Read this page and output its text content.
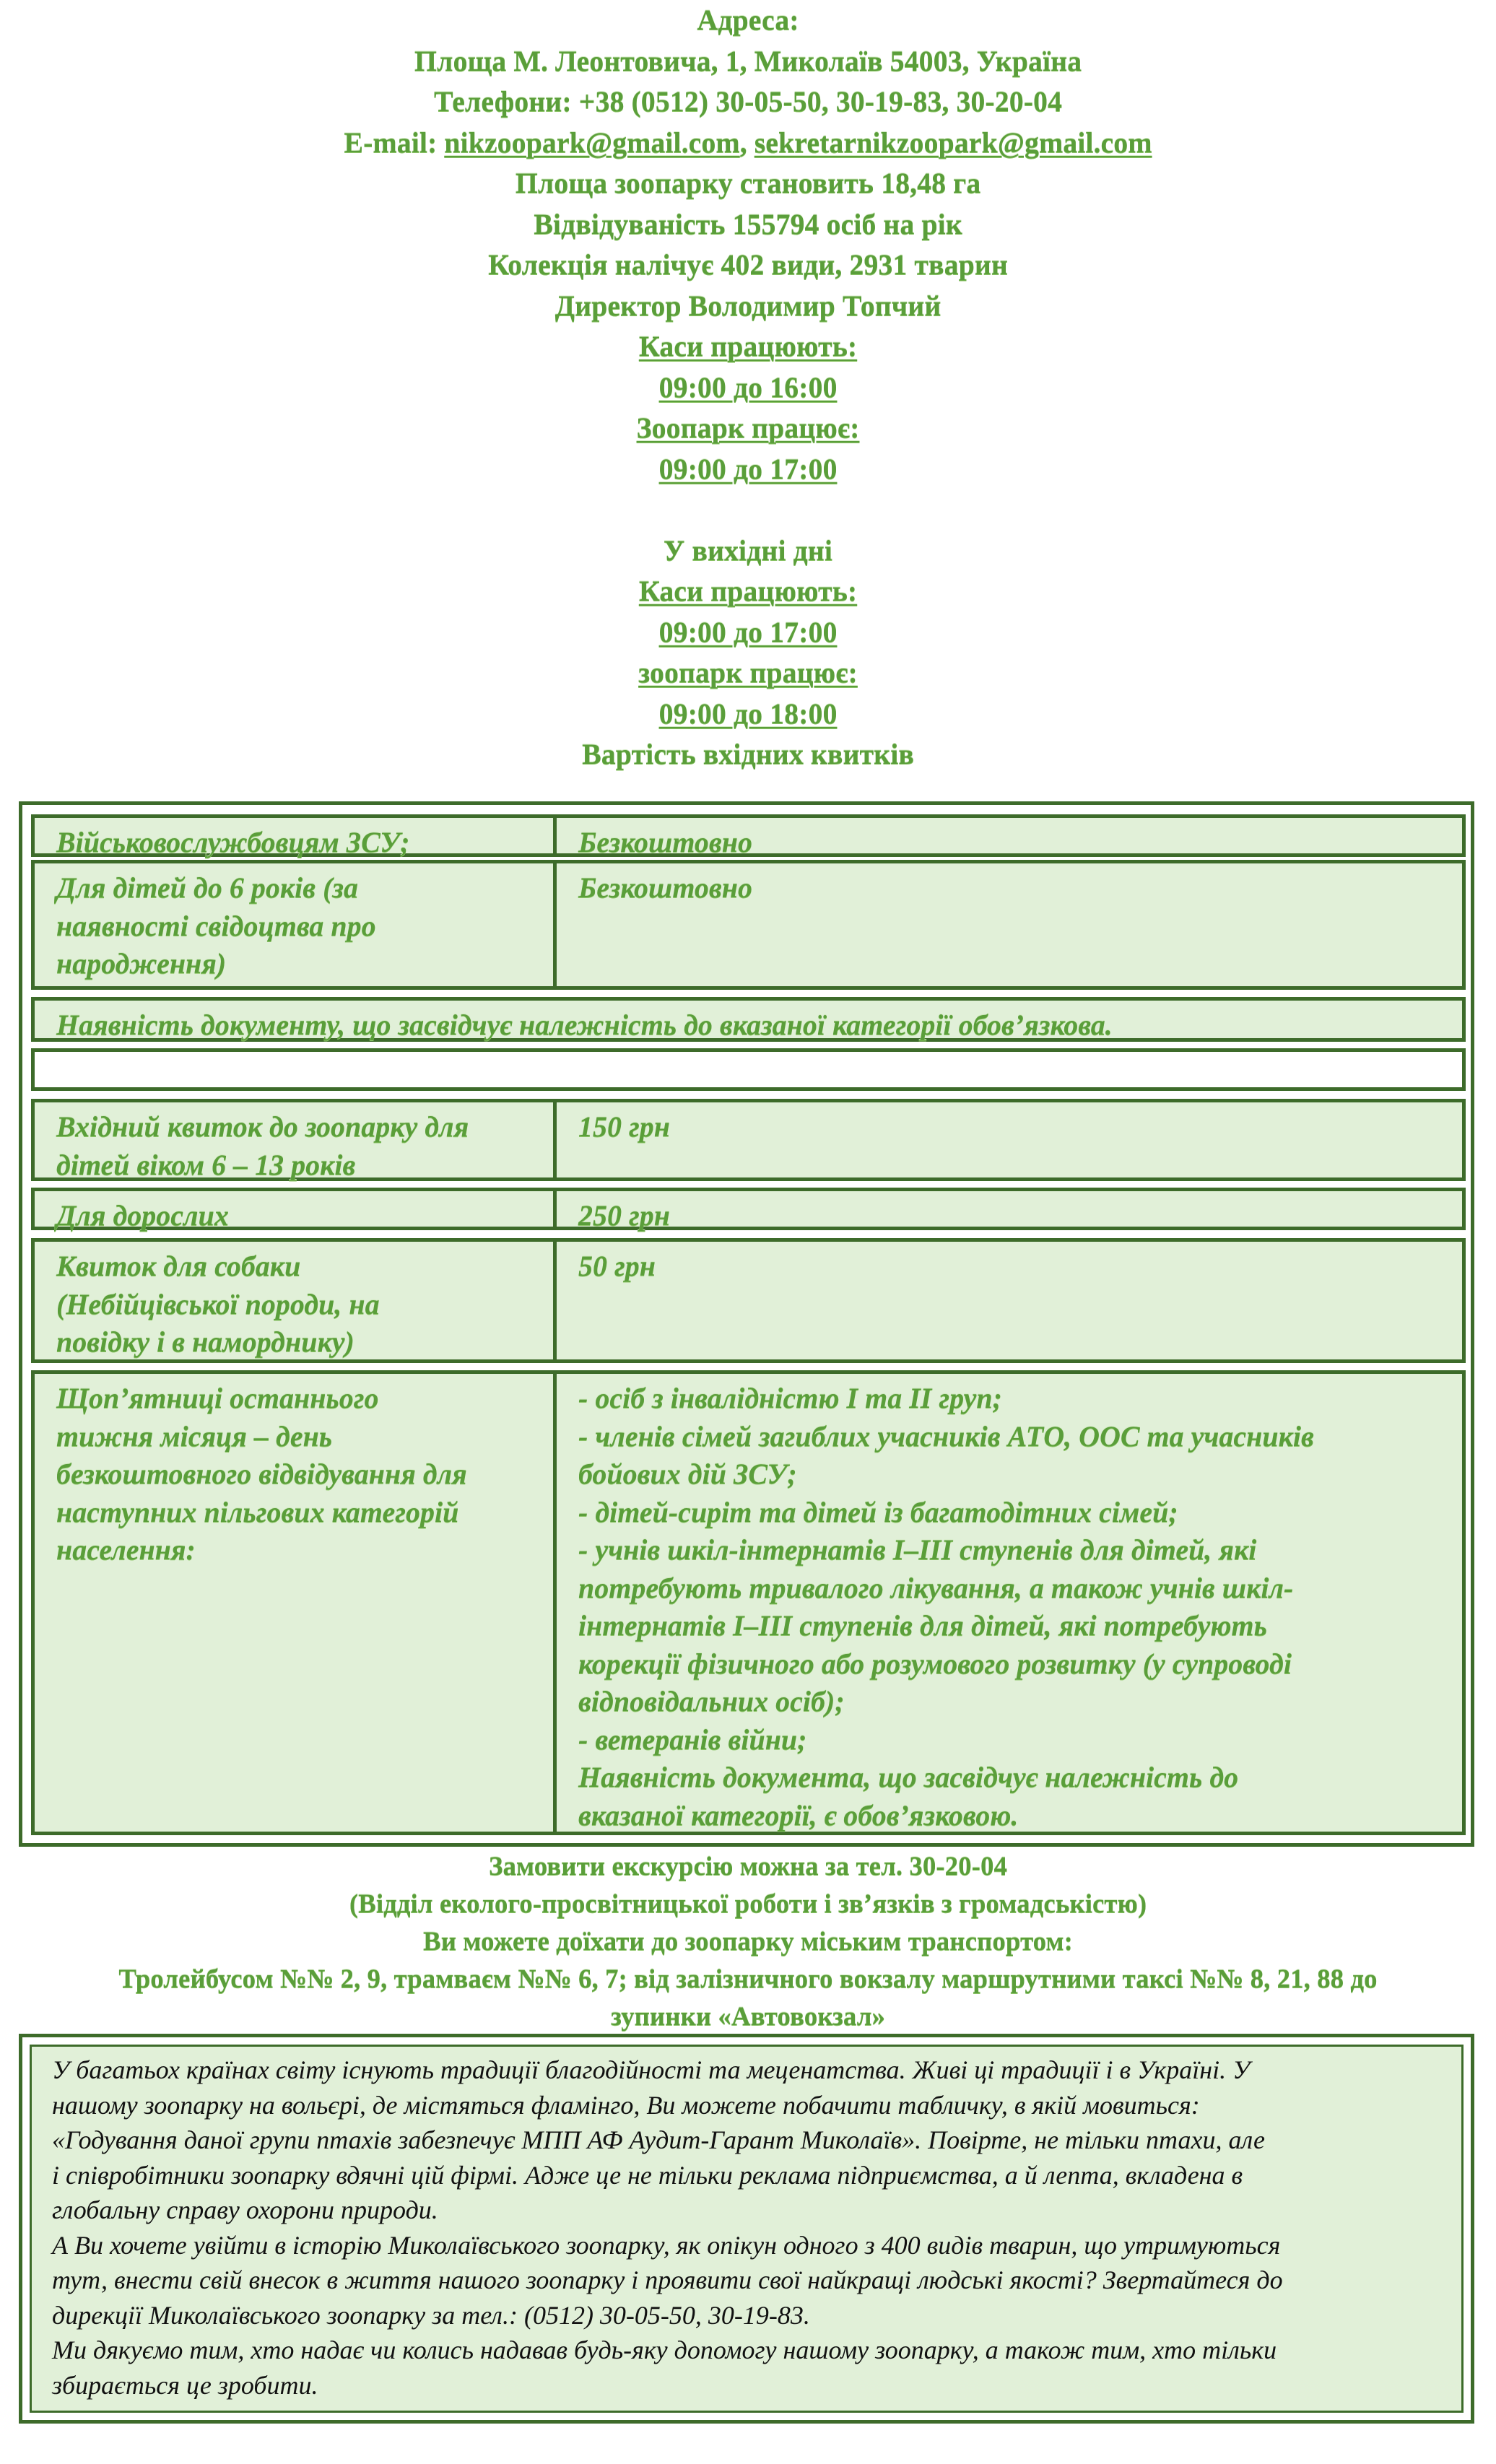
Адреса:
Площа М. Леонтовича, 1, Миколаїв 54003, Україна
Телефони: +38 (0512) 30-05-50, 30-19-83, 30-20-04
E-mail: nikzoopark@gmail.com, sekretarnikzoopark@gmail.com
Площа зоопарку становить 18,48 га
Відвідуваність 155794 осіб на рік
Колекція налічує 402 види, 2931 тварин
Директор Володимир Топчий
Каси працюють:
09:00 до 16:00
Зоопарк працює:
09:00 до 17:00
У вихідні дні
Каси працюють:
09:00 до 17:00
зоопарк працює:
09:00 до 18:00
Вартість вхідних квитків
Військовослужбовцям ЗСУ;	Безкоштовно
Для дітей до 6 років (за
наявності свідоцтва про
народження)
Безкоштовно
Наявність документу, що засвідчує належність до вказаної категорії обов’язкова.
Вхідний квиток до зоопарку для
дітей віком 6 – 13 років
150 грн
Для дорослих	250 грн
Квиток для собаки
(Небійцівської породи, на
повідку і в наморднику)
50 грн
Щоп’ятниці останнього
тижня місяця – день
безкоштовного відвідування для
наступних пільгових категорій
населення:
- осіб з інвалідністю І та ІІ груп;
- членів сімей загиблих учасників АТО, ООС та учасників
бойових дій ЗСУ;
- дітей-сиріт та дітей із багатодітних сімей;
- учнів шкіл-інтернатів І–ІІІ ступенів для дітей, які
потребують тривалого лікування, а також учнів шкіл-
інтернатів І–ІІІ ступенів для дітей, які потребують
корекції фізичного або розумового розвитку (у супроводі
відповідальних осіб);
- ветеранів війни;
Наявність документа, що засвідчує належність до
вказаної категорії, є обов’язковою.
Замовити екскурсію можна за тел. 30-20-04
(Відділ еколого-просвітницької роботи і зв’язків з громадськістю)
Ви можете доїхати до зоопарку міським транспортом:
Тролейбусом №№ 2, 9, трамваєм №№ 6, 7; від залізничного вокзалу маршрутними таксі №№ 8, 21, 88 до
зупинки «Автовокзал»
У багатьох країнах світу існують традиції благодійності та меценатства. Живі ці традиції і в Україні. У
нашому зоопарку на вольєрі, де містяться фламінго, Ви можете побачити табличку, в якій мовиться:
«Годування даної групи птахів забезпечує МПП АФ Аудит-Гарант Миколаїв». Повірте, не тільки птахи, але
і співробітники зоопарку вдячні цій фірмі. Адже це не тільки реклама підприємства, а й лепта, вкладена в
глобальну справу охорони природи.
А Ви хочете увійти в історію Миколаївського зоопарку, як опікун одного з 400 видів тварин, що утримуються
тут, внести свій внесок в життя нашого зоопарку і проявити свої найкращі людські якості? Звертайтеся до
дирекції Миколаївського зоопарку за тел.: (0512) 30-05-50, 30-19-83.
Ми дякуємо тим, хто надає чи колись надавав будь-яку допомогу нашому зоопарку, а також тим, хто тільки
збирається це зробити.
